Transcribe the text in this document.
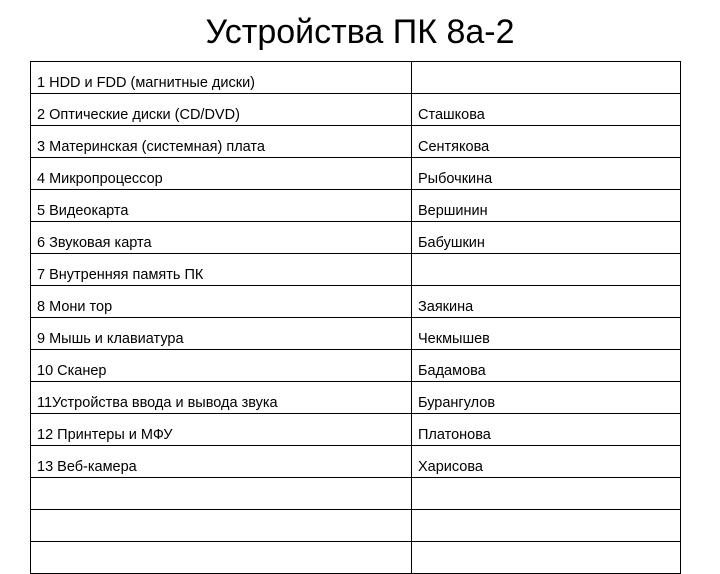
Устройства ПК 8а-2
1 HDD и FDD (магнитные диски)	
2 Оптические диски (CD/DVD)	Сташкова
3 Материнская (системная) плата	Сентякова
4 Микропроцессор	Рыбочкина
5 Видеокарта	Вершинин
6 Звуковая карта	Бабушкин
7 Внутренняя память ПК	
8 Мони тор	Заякина
9 Мышь и клавиатура	Чекмышев
10 Сканер	Бадамова
11Устройства ввода и вывода звука	Бурангулов
12 Принтеры и МФУ	Платонова
13 Веб-камера	Харисова
